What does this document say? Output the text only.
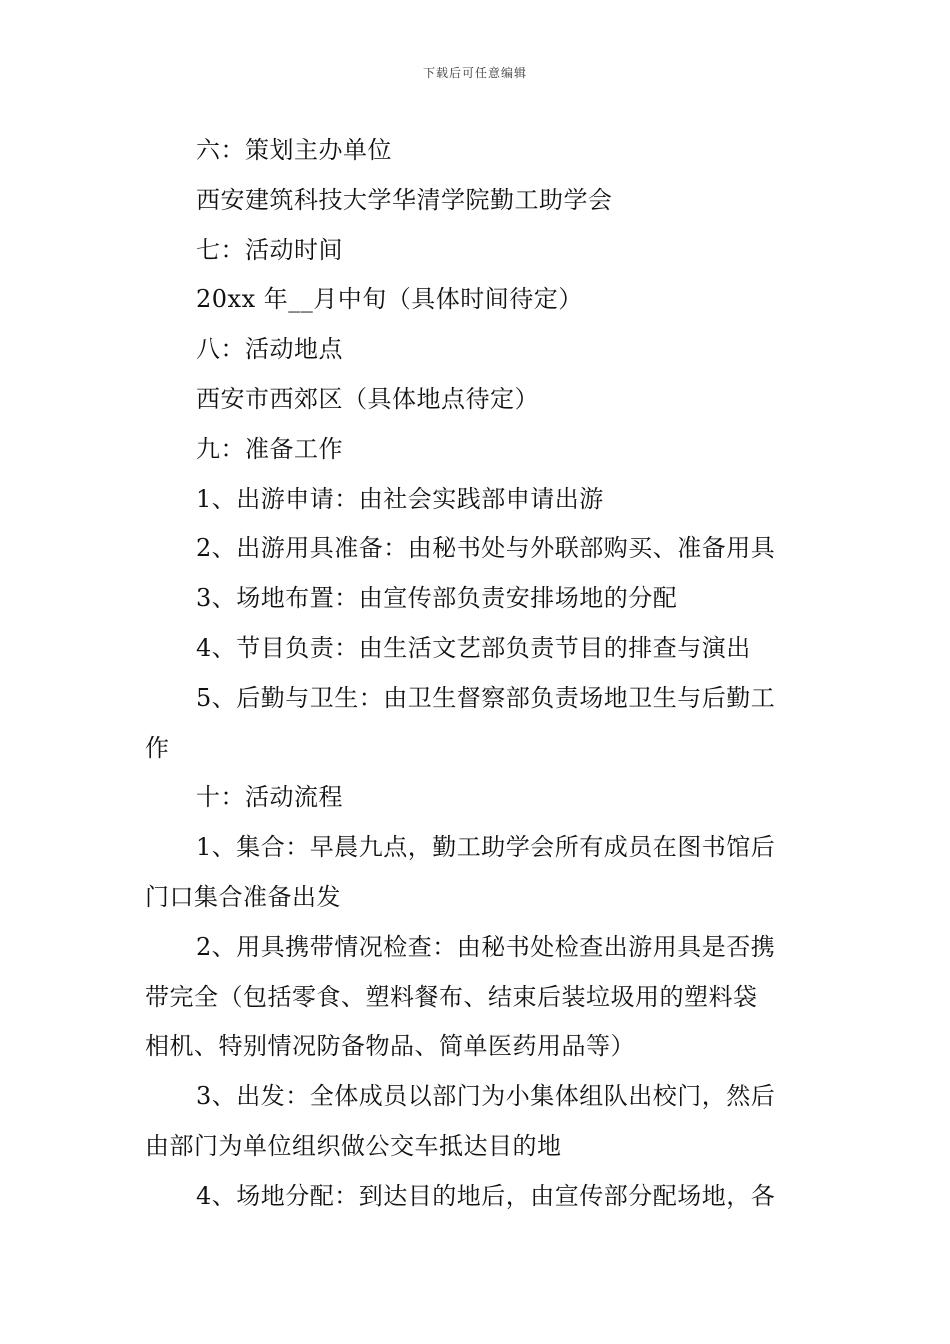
下载后可任意编辑
六：策划主办单位
西安建筑科技大学华清学院勤工助学会
七：活动时间
20xx 年__月中旬（具体时间待定）
八：活动地点
西安市西郊区（具体地点待定）
九：准备工作
1、出游申请：由社会实践部申请出游
2、出游用具准备：由秘书处与外联部购买、准备用具
3、场地布置：由宣传部负责安排场地的分配
4、节目负责：由生活文艺部负责节目的排查与演出
5、后勤与卫生：由卫生督察部负责场地卫生与后勤工
作
十：活动流程
1、集合：早晨九点，勤工助学会所有成员在图书馆后
门口集合准备出发
2、用具携带情况检查：由秘书处检查出游用具是否携
带完全（包括零食、塑料餐布、结束后装垃圾用的塑料袋
相机、特别情况防备物品、简单医药用品等）
3、出发：全体成员以部门为小集体组队出校门，然后
由部门为单位组织做公交车抵达目的地
4、场地分配：到达目的地后，由宣传部分配场地，各
